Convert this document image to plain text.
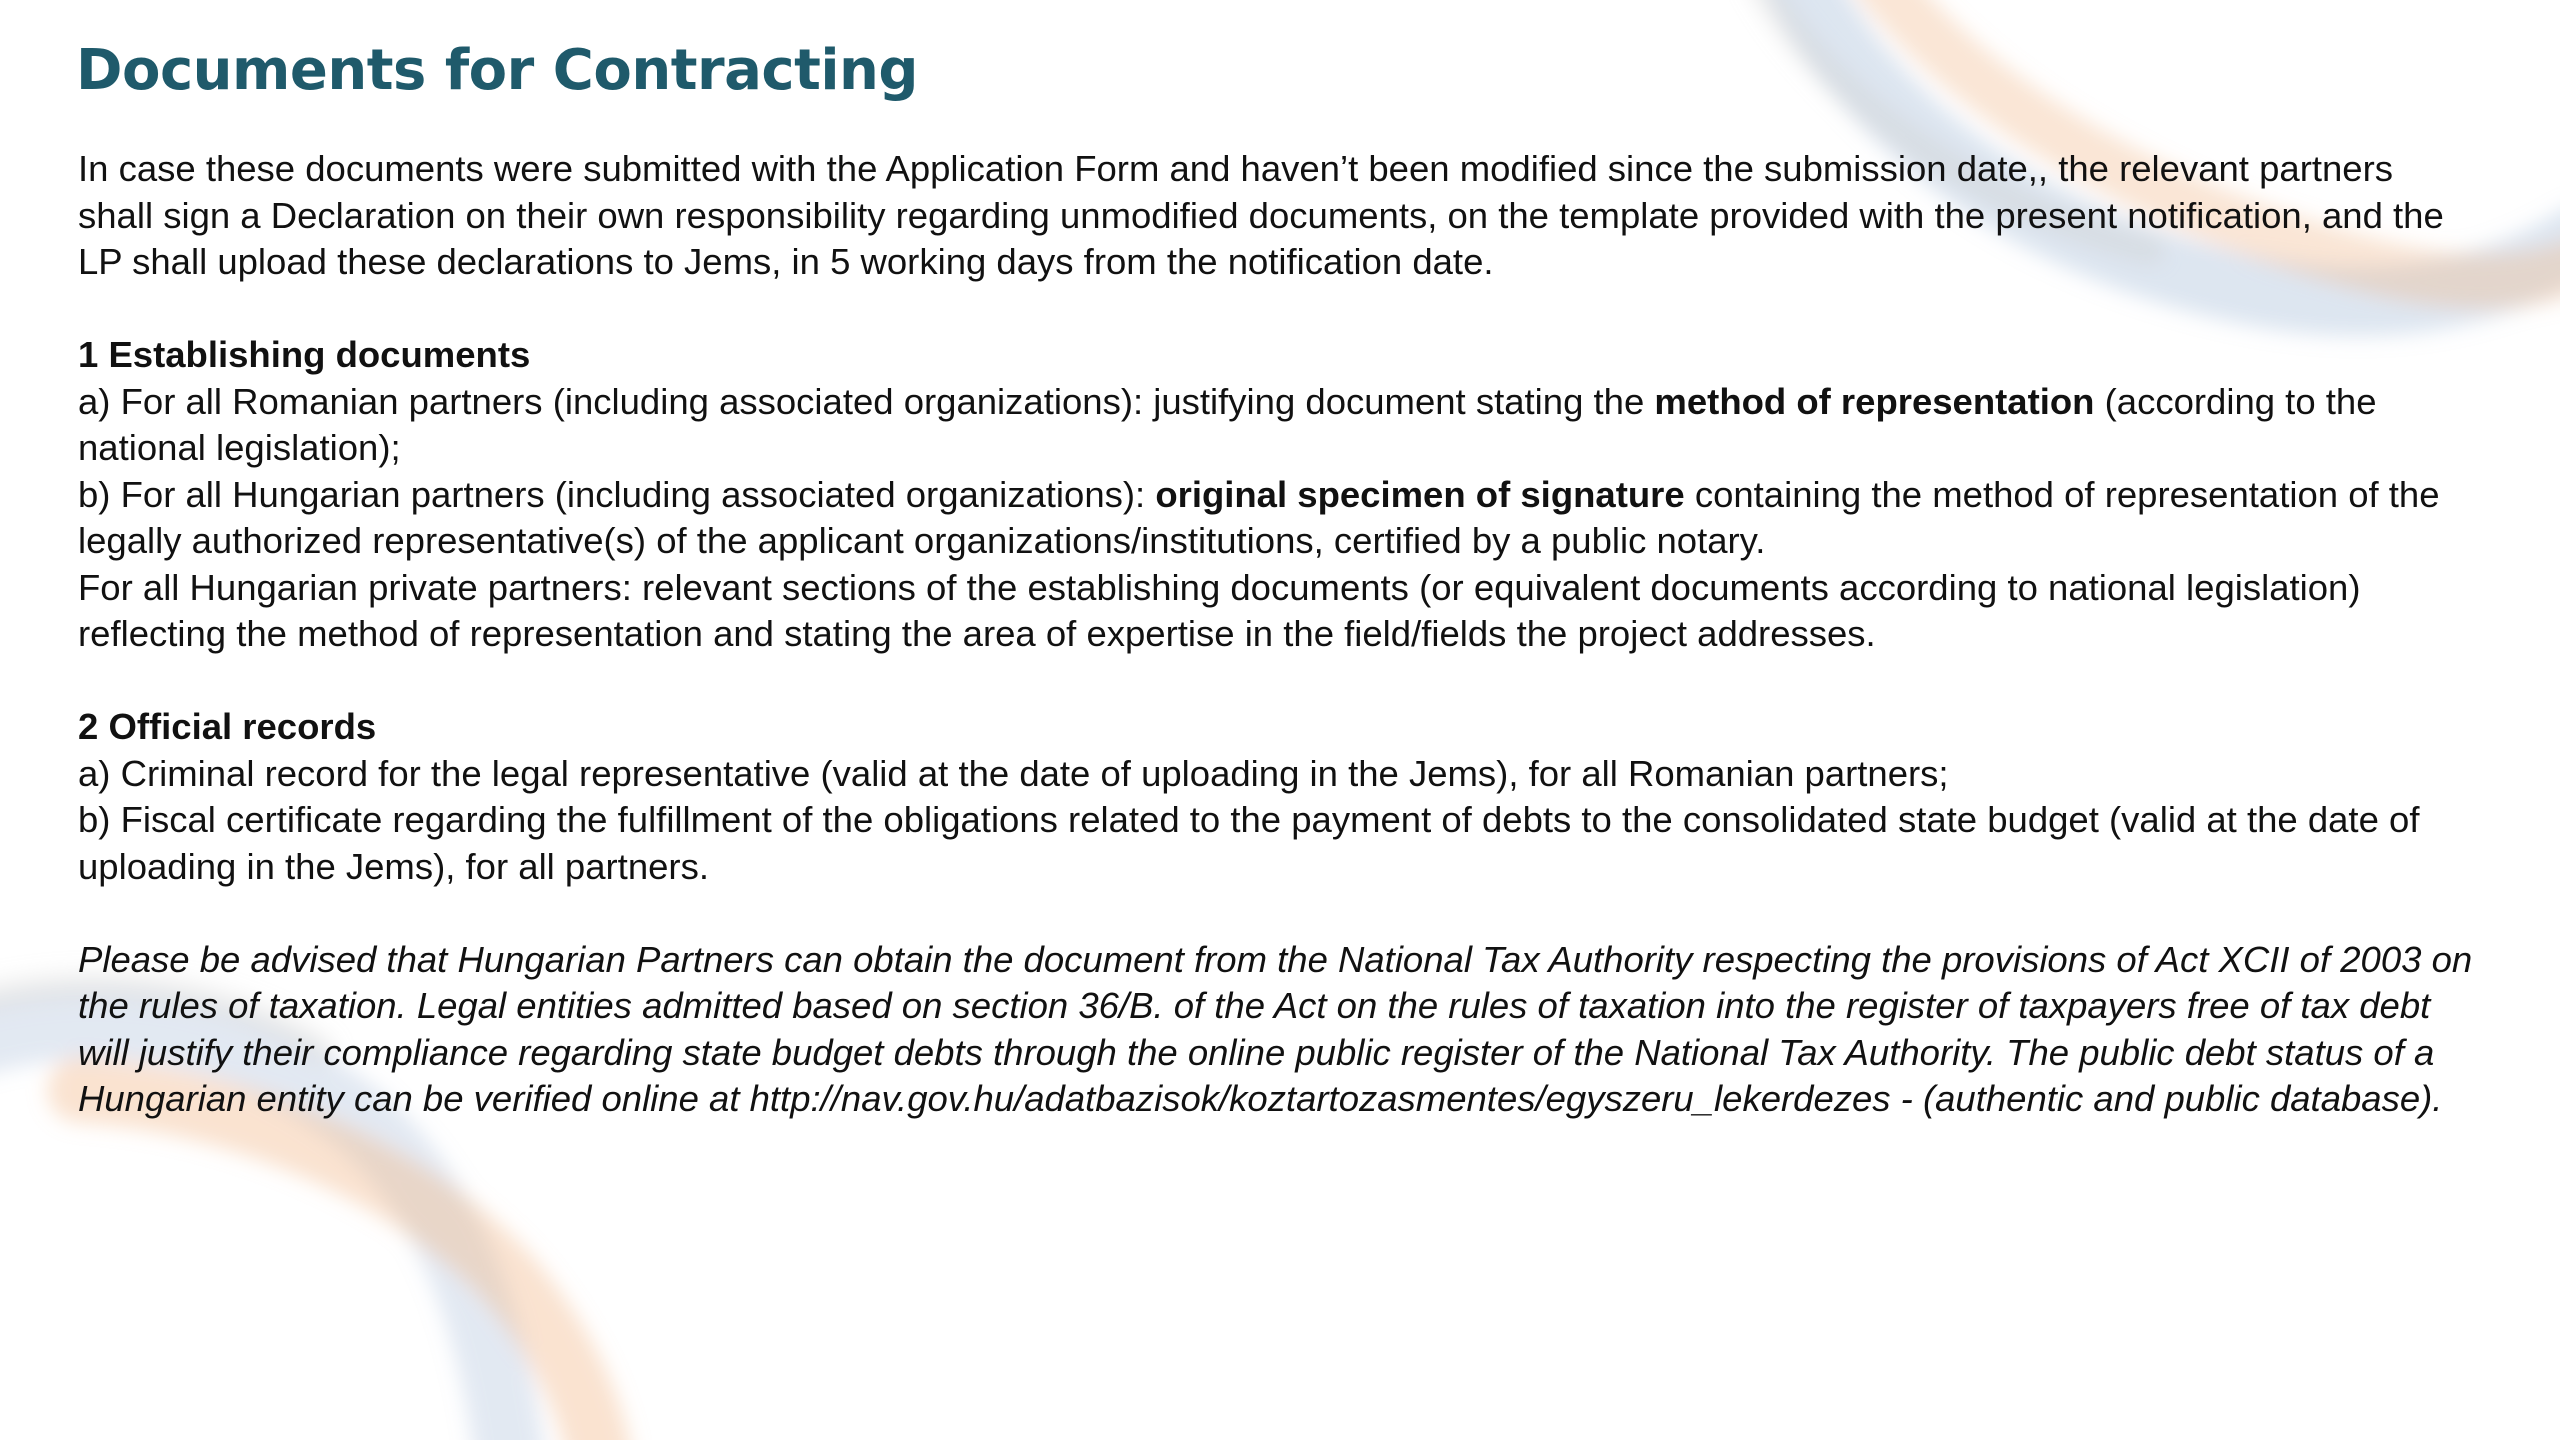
Documents for Contracting

In case these documents were submitted with the Application Form and haven’t been modified since the submission date,, the relevant partners shall sign a Declaration on their own responsibility regarding unmodified documents, on the template provided with the present notification, and the LP shall upload these declarations to Jems, in 5 working days from the notification date.

1 Establishing documents

a) For all Romanian partners (including associated organizations): justifying document stating the method of representation (according to the national legislation);

b) For all Hungarian partners (including associated organizations): original specimen of signature containing the method of representation of the legally authorized representative(s) of the applicant organizations/institutions, certified by a public notary.

For all Hungarian private partners: relevant sections of the establishing documents (or equivalent documents according to national legislation) reflecting the method of representation and stating the area of expertise in the field/fields the project addresses.

2 Official records

a) Criminal record for the legal representative (valid at the date of uploading in the Jems), for all Romanian partners;

b) Fiscal certificate regarding the fulfillment of the obligations related to the payment of debts to the consolidated state budget (valid at the date of uploading in the Jems), for all partners.

Please be advised that Hungarian Partners can obtain the document from the National Tax Authority respecting the provisions of Act XCII of 2003 on the rules of taxation. Legal entities admitted based on section 36/B. of the Act on the rules of taxation into the register of taxpayers free of tax debt will justify their compliance regarding state budget debts through the online public register of the National Tax Authority. The public debt status of a Hungarian entity can be verified online at http://nav.gov.hu/adatbazisok/koztartozasmentes/egyszeru_lekerdezes - (authentic and public database).
